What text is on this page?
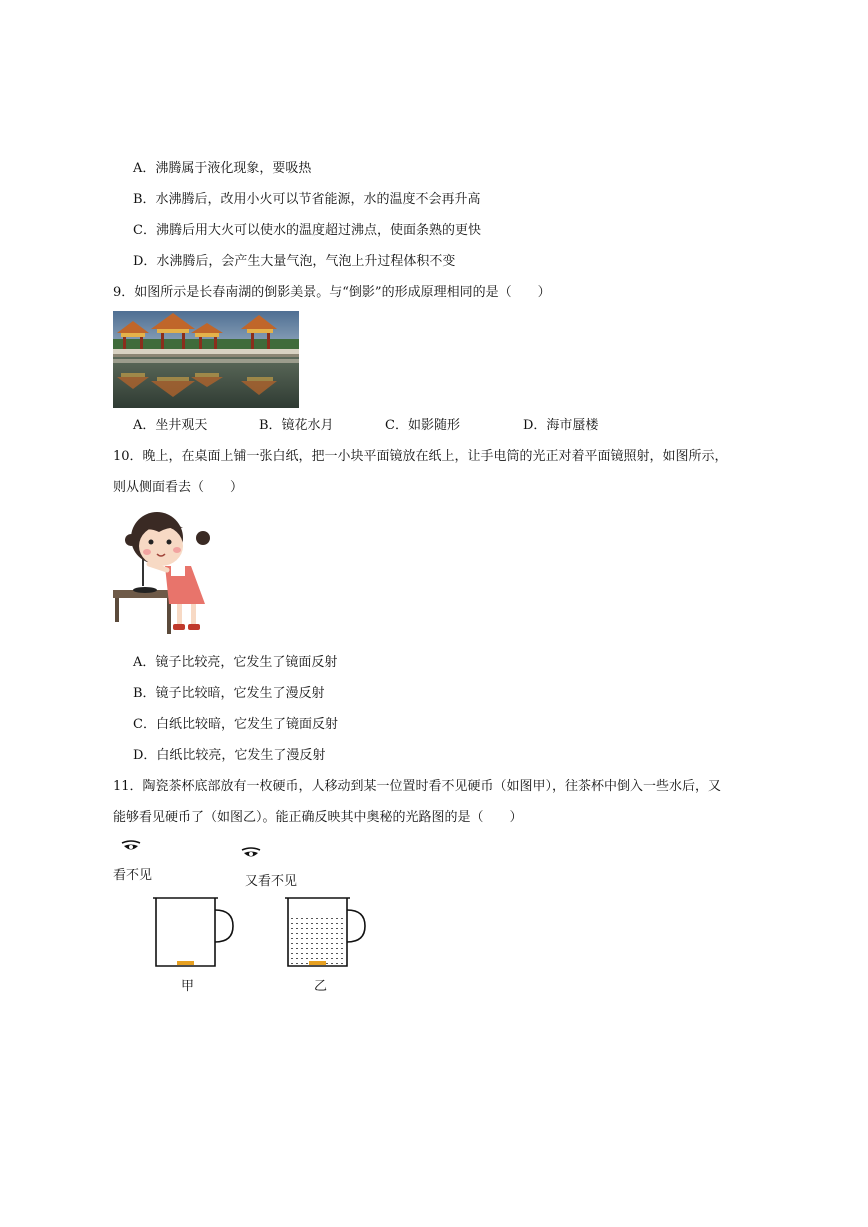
A．沸腾属于液化现象，要吸热
B．水沸腾后，改用小火可以节省能源，水的温度不会再升高
C．沸腾后用大火可以使水的温度超过沸点，使面条熟的更快
D．水沸腾后，会产生大量气泡，气泡上升过程体积不变
9．如图所示是长春南湖的倒影美景。与“倒影”的形成原理相同的是（　　）
A．坐井观天	B．镜花水月	C．如影随形	D．海市蜃楼
10．晚上，在桌面上铺一张白纸，把一小块平面镜放在纸上，让手电筒的光正对着平面镜照射，如图所示，
则从侧面看去（　　）
A．镜子比较亮，它发生了镜面反射
B．镜子比较暗，它发生了漫反射
C．白纸比较暗，它发生了镜面反射
D．白纸比较亮，它发生了漫反射
11．陶瓷茶杯底部放有一枚硬币，人移动到某一位置时看不见硬币（如图甲），往茶杯中倒入一些水后，又
能够看见硬币了（如图乙）。能正确反映其中奥秘的光路图的是（　　）
看不见	又看不见
甲	乙
